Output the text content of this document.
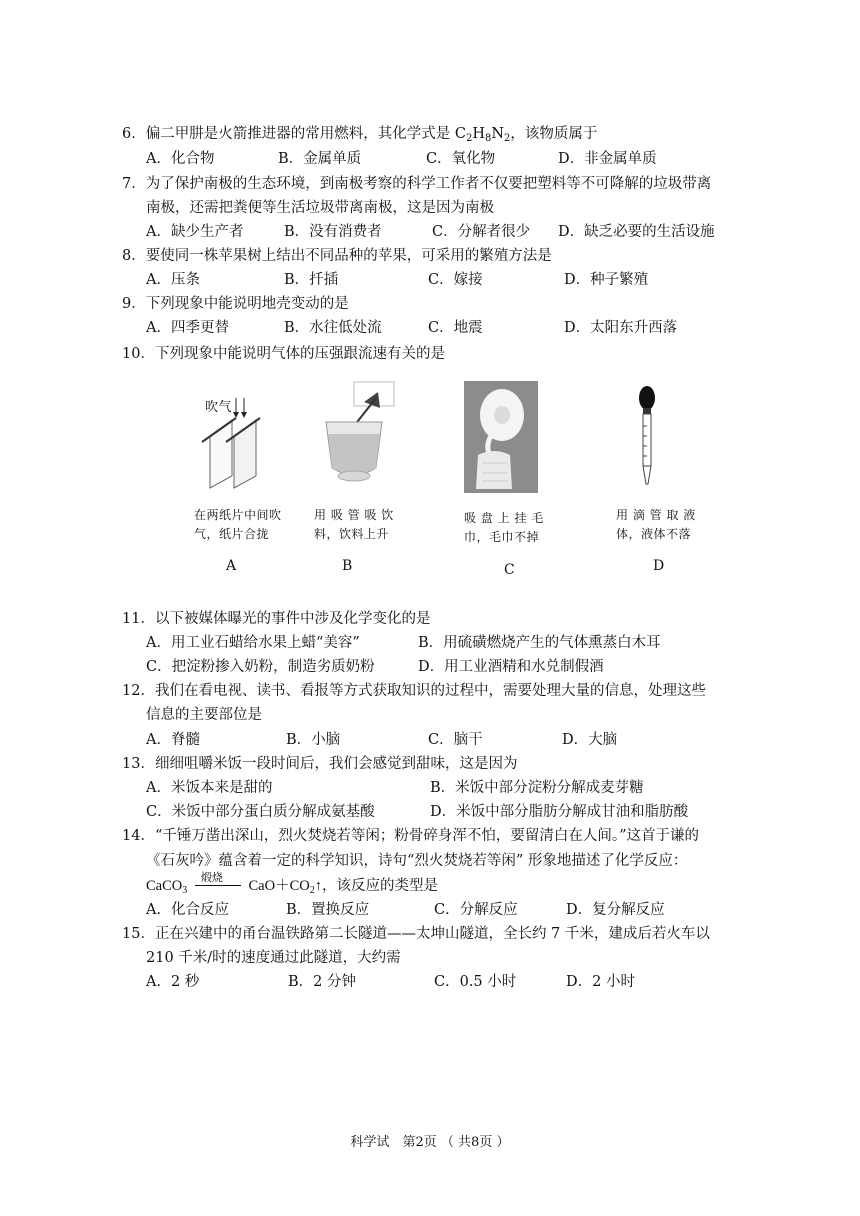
6．偏二甲肼是火箭推进器的常用燃料，其化学式是 $C_2H_8N_2$，该物质属于
A．化合物	B．金属单质	C．氧化物	D．非金属单质
7．为了保护南极的生态环境，到南极考察的科学工作者不仅要把塑料等不可降解的垃圾带离
南极，还需把粪便等生活垃圾带离南极，这是因为南极
A．缺少生产者	B．没有消费者	C．分解者很少 D．缺乏必要的生活设施
8．要使同一株苹果树上结出不同品种的苹果，可采用的繁殖方法是
A．压条	B．扦插	C．嫁接	D．种子繁殖
9．下列现象中能说明地壳变动的是
A．四季更替	B．水往低处流	C．地震	D．太阳东升西落
10．下列现象中能说明气体的压强跟流速有关的是
吹气
在两纸片中间吹
气，纸片合拢
A
用 吸 管 吸 饮
料，饮料上升
B
吸 盘 上 挂 毛
巾，毛巾不掉
C
用 滴 管 取 液
体，液体不落
D
11．以下被媒体曝光的事件中涉及化学变化的是
A．用工业石蜡给水果上蜡“美容”	B．用硫磺燃烧产生的气体熏蒸白木耳
C．把淀粉掺入奶粉，制造劣质奶粉	D．用工业酒精和水兑制假酒
12．我们在看电视、读书、看报等方式获取知识的过程中，需要处理大量的信息，处理这些
信息的主要部位是
A．脊髓	B．小脑	C．脑干	D．大脑
13．细细咀嚼米饭一段时间后，我们会感觉到甜味，这是因为
A．米饭本来是甜的	B．米饭中部分淀粉分解成麦芽糖
C．米饭中部分蛋白质分解成氨基酸	D．米饭中部分脂肪分解成甘油和脂肪酸
14．“千锤万凿出深山，烈火焚烧若等闲；粉骨碎身浑不怕，要留清白在人间。”这首于谦的
《石灰吟》蕴含着一定的科学知识，诗句“烈火焚烧若等闲” 形象地描述了化学反应：
CaCO$_3$
煅烧 $CaO+CO_2↑$，该反应的类型是
A．化合反应	B．置换反应	C．分解反应	D．复分解反应
15．正在兴建中的甬台温铁路第二长隧道——太坤山隧道，全长约 7 千米，建成后若火车以
210 千米/时的速度通过此隧道，大约需
A．2 秒	B．2 分钟	C．0.5 小时	D．2 小时
科学试　第2页 （ 共8页 ）
